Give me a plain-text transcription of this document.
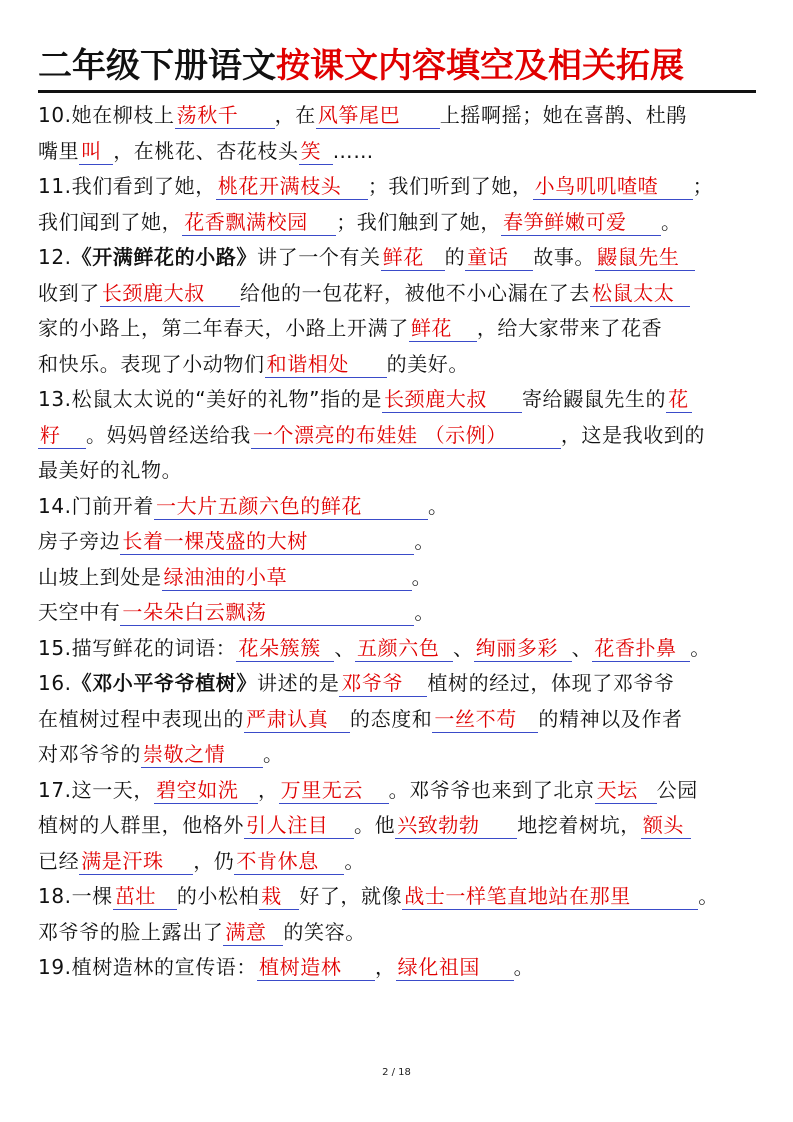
二年级下册语文按课文内容填空及相关拓展
10.她在柳枝上 荡秋千 ，在 风筝尾巴 上摇啊摇；她在喜鹊、杜鹃
嘴里 叫 ，在桃花、杏花枝头 笑 ……
11.我们看到了她， 桃花开满枝头 ；我们听到了她， 小鸟叽叽喳喳 ；
我们闻到了她， 花香飘满校园 ；我们触到了她， 春笋鲜嫩可爱 。
12.《开满鲜花的小路》讲了一个有关 鲜花 的 童话 故事。 鼹鼠先生
收到了 长颈鹿大叔 给他的一包花籽，被他不小心漏在了去 松鼠太太
家的小路上，第二年春天，小路上开满了 鲜花 ，给大家带来了花香
和快乐。表现了小动物们 和谐相处 的美好。
13.松鼠太太说的“美好的礼物”指的是 长颈鹿大叔 寄给鼹鼠先生的 花
籽 。妈妈曾经送给我 一个漂亮的布娃娃 （示例）	，这是我收到的
最美好的礼物。
14.门前开着 一大片五颜六色的鲜花	。
房子旁边 长着一棵茂盛的大树	。
山坡上到处是 绿油油的小草	。
天空中有 一朵朵白云飘荡	。
15.描写鲜花的词语： 花朵簇簇 、 五颜六色 、 绚丽多彩 、 花香扑鼻 。
16.《邓小平爷爷植树》讲述的是 邓爷爷 植树的经过，体现了邓爷爷
在植树过程中表现出的 严肃认真 的态度和 一丝不苟 的精神以及作者
对邓爷爷的 崇敬之情 。
17.这一天， 碧空如洗 ， 万里无云 。邓爷爷也来到了北京 天坛 公园
植树的人群里，他格外 引人注目 。他 兴致勃勃 地挖着树坑， 额头
已经 满是汗珠 ，仍 不肯休息 。
18.一棵 茁壮 的小松柏 栽 好了，就像 战士一样笔直地站在那里	。
邓爷爷的脸上露出了 满意 的笑容。
19.植树造林的宣传语： 植树造林 ， 绿化祖国 。
2 / 18
